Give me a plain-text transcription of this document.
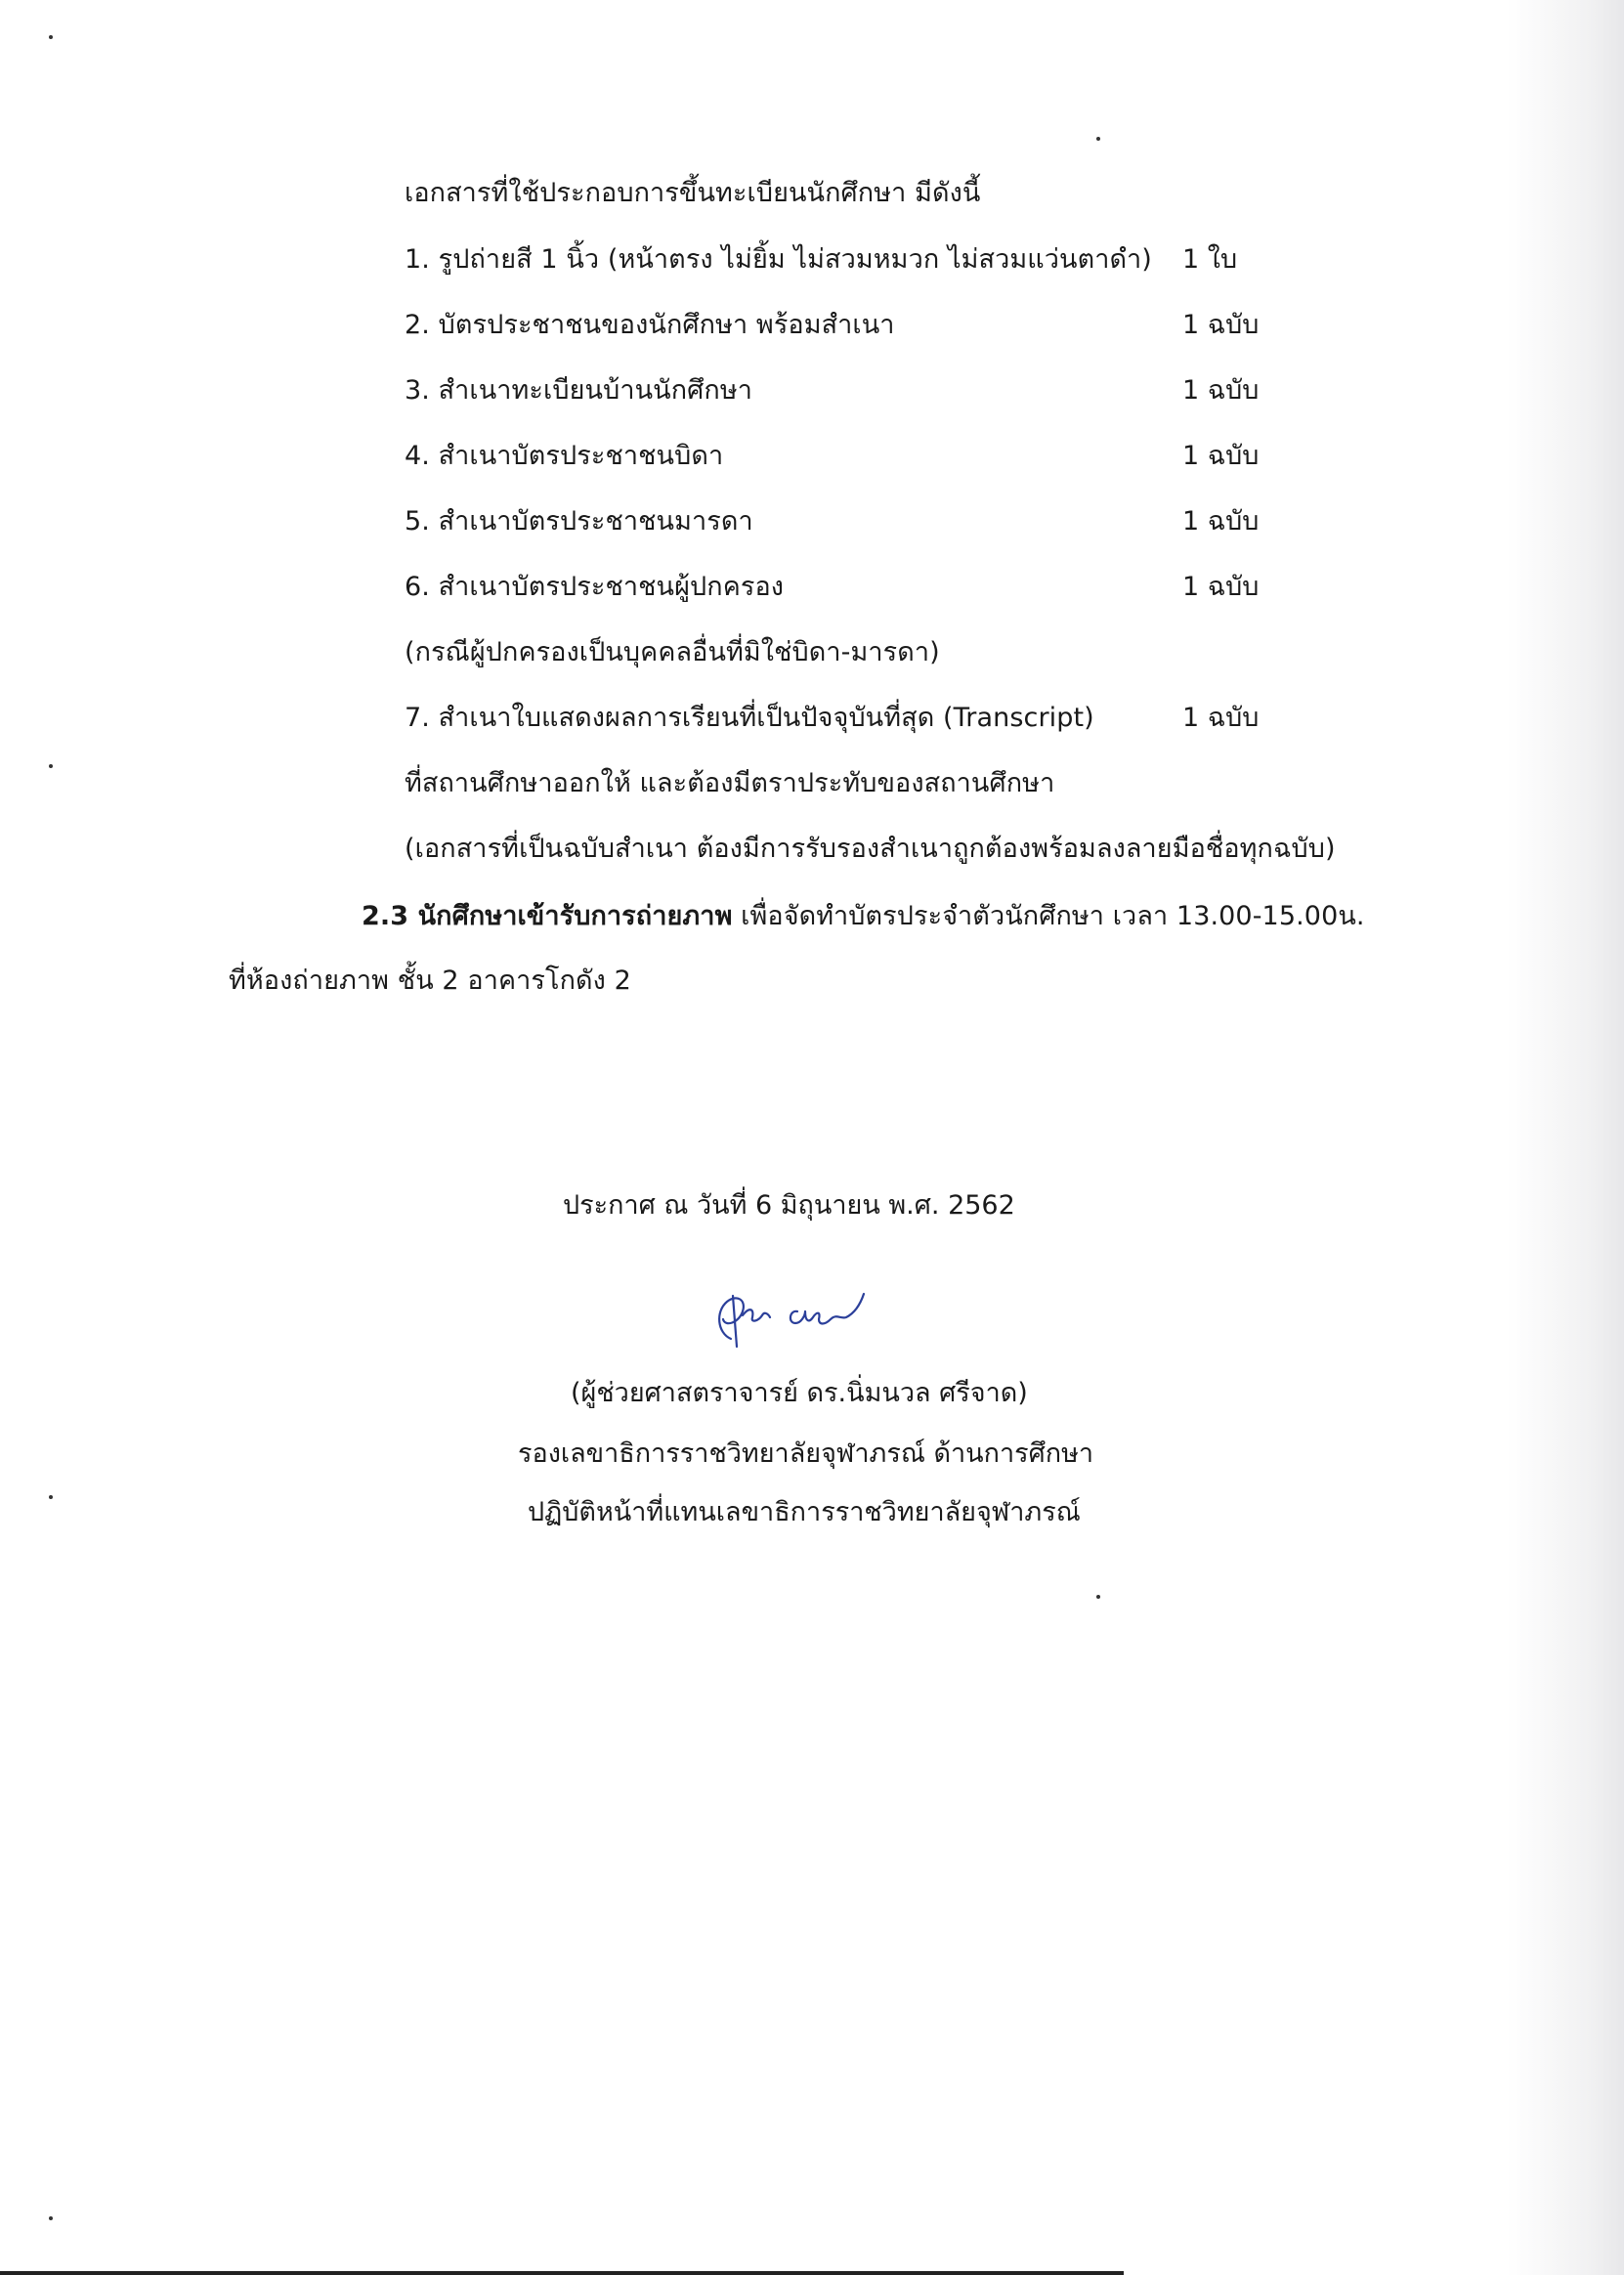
เอกสารที่ใช้ประกอบการขึ้นทะเบียนนักศึกษา มีดังนี้
1. รูปถ่ายสี 1 นิ้ว (หน้าตรง ไม่ยิ้ม ไม่สวมหมวก ไม่สวมแว่นตาดำ) 1 ใบ
2. บัตรประชาชนของนักศึกษา พร้อมสำเนา	1 ฉบับ
3. สำเนาทะเบียนบ้านนักศึกษา	1 ฉบับ
4. สำเนาบัตรประชาชนบิดา	1 ฉบับ
5. สำเนาบัตรประชาชนมารดา	1 ฉบับ
6. สำเนาบัตรประชาชนผู้ปกครอง	1 ฉบับ
(กรณีผู้ปกครองเป็นบุคคลอื่นที่มิใช่บิดา-มารดา)
7. สำเนาใบแสดงผลการเรียนที่เป็นปัจจุบันที่สุด (Transcript)	1 ฉบับ
ที่สถานศึกษาออกให้ และต้องมีตราประทับของสถานศึกษา
(เอกสารที่เป็นฉบับสำเนา ต้องมีการรับรองสำเนาถูกต้องพร้อมลงลายมือชื่อทุกฉบับ)
2.3 นักศึกษาเข้ารับการถ่ายภาพ เพื่อจัดทำบัตรประจำตัวนักศึกษา เวลา 13.00-15.00น.
ที่ห้องถ่ายภาพ ชั้น 2 อาคารโกดัง 2
ประกาศ ณ วันที่ 6 มิถุนายน พ.ศ. 2562
(ผู้ช่วยศาสตราจารย์ ดร.นิ่มนวล ศรีจาด)
รองเลขาธิการราชวิทยาลัยจุฬาภรณ์ ด้านการศึกษา
ปฏิบัติหน้าที่แทนเลขาธิการราชวิทยาลัยจุฬาภรณ์
